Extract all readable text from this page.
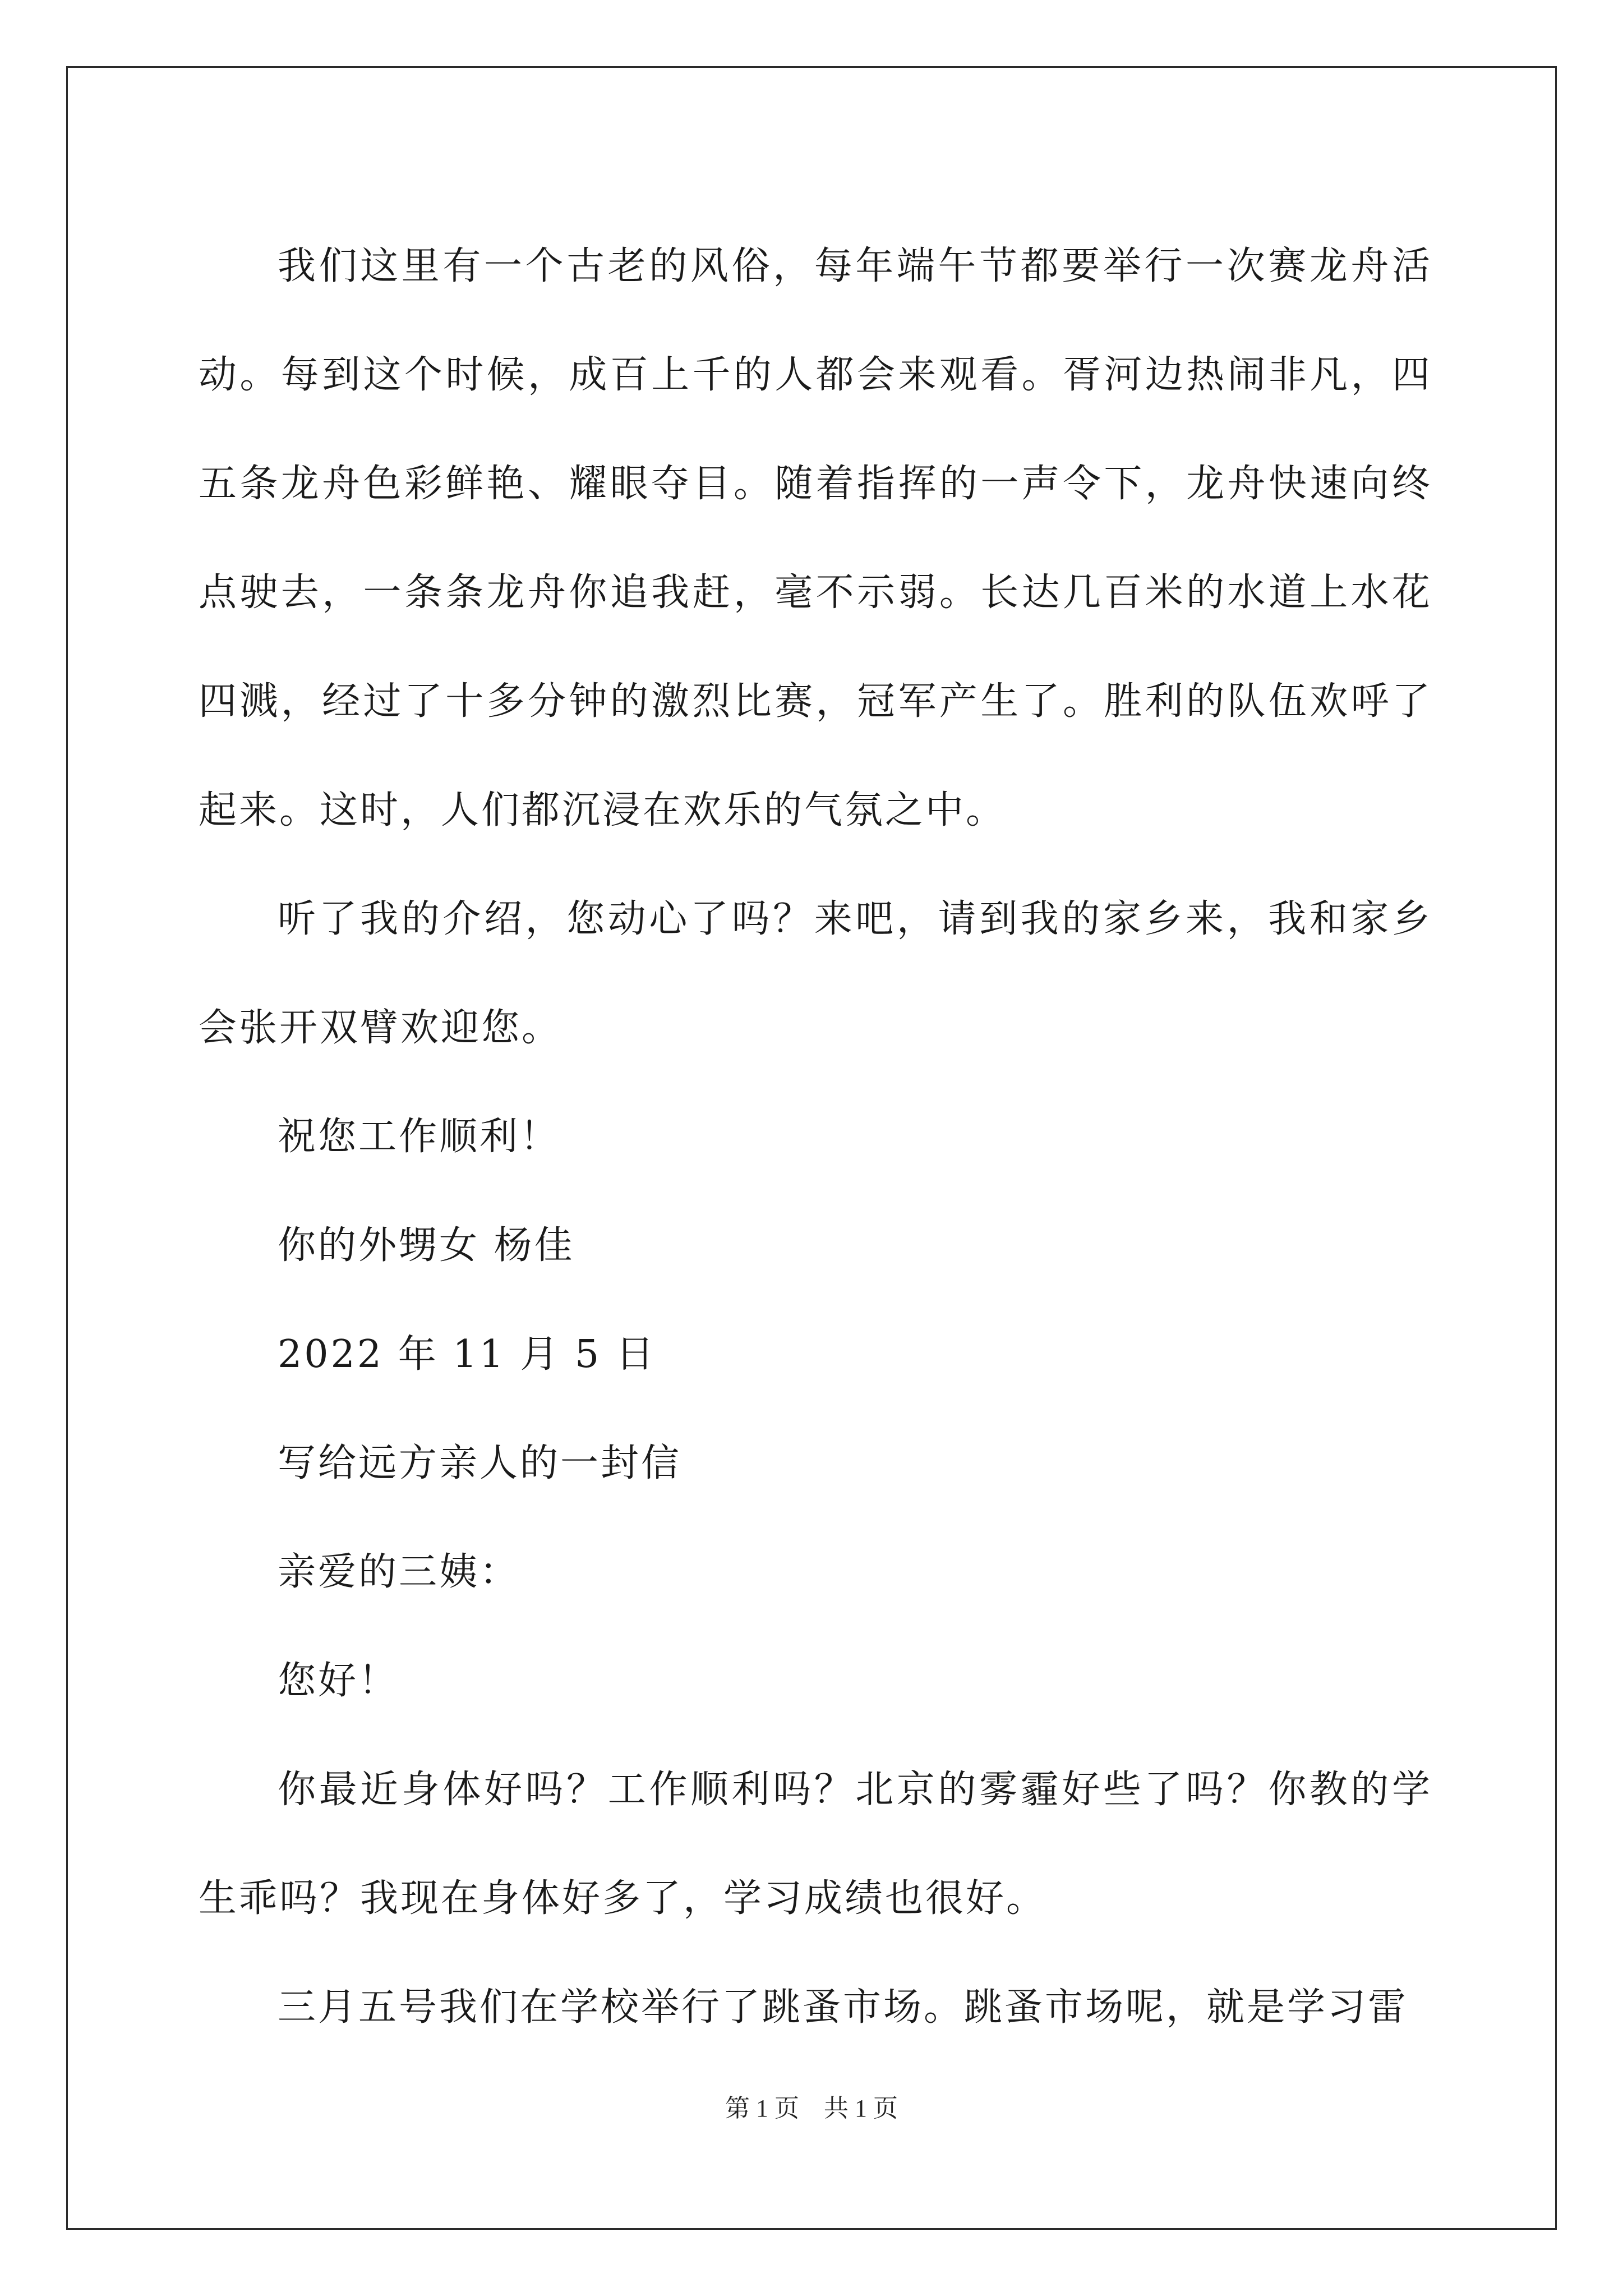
我们这里有一个古老的风俗，每年端午节都要举行一次赛龙舟活动。每到这个时候，成百上千的人都会来观看。胥河边热闹非凡，四五条龙舟色彩鲜艳、耀眼夺目。随着指挥的一声令下，龙舟快速向终点驶去，一条条龙舟你追我赶，毫不示弱。长达几百米的水道上水花四溅，经过了十多分钟的激烈比赛，冠军产生了。胜利的队伍欢呼了起来。这时，人们都沉浸在欢乐的气氛之中。

听了我的介绍，您动心了吗？来吧，请到我的家乡来，我和家乡会张开双臂欢迎您。

祝您工作顺利！

你的外甥女 杨佳

2022 年 11 月 5 日

写给远方亲人的一封信

亲爱的三姨：

您好！

你最近身体好吗？工作顺利吗？北京的雾霾好些了吗？你教的学生乖吗？我现在身体好多了，学习成绩也很好。

三月五号我们在学校举行了跳蚤市场。跳蚤市场呢，就是学习雷

第 1 页　共 1 页
